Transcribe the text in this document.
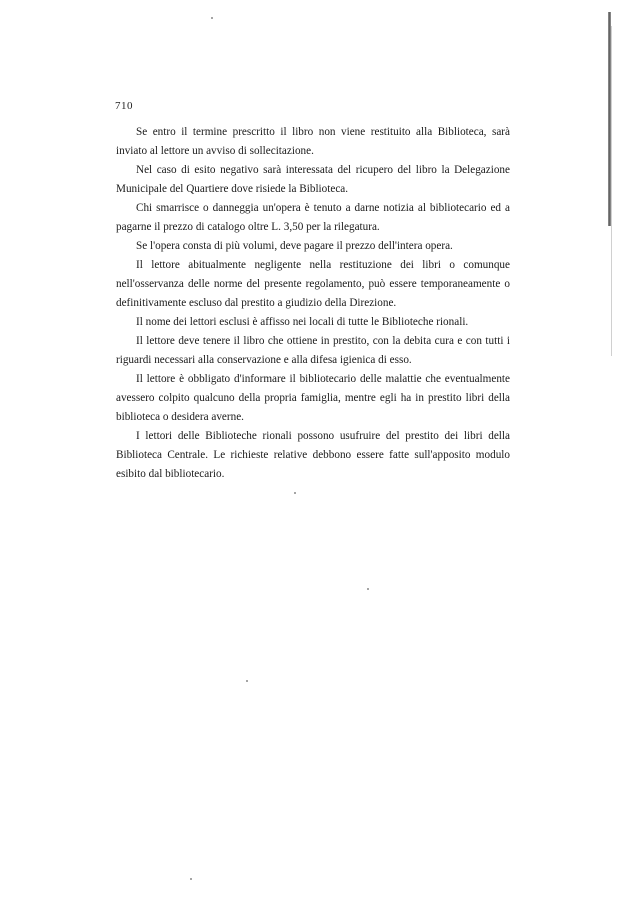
710

Se entro il termine prescritto il libro non viene restituito alla Biblioteca, sarà inviato al lettore un avviso di sollecitazione.

Nel caso di esito negativo sarà interessata del ricupero del libro la Delegazione Municipale del Quartiere dove risiede la Biblioteca.

Chi smarrisce o danneggia un'opera è tenuto a darne notizia al bibliotecario ed a pagarne il prezzo di catalogo oltre L. 3,50 per la rilegatura.

Se l'opera consta di più volumi, deve pagare il prezzo dell'intera opera.

Il lettore abitualmente negligente nella restituzione dei libri o comunque nell'osservanza delle norme del presente regolamento, può essere temporaneamente o definitivamente escluso dal prestito a giudizio della Direzione.

Il nome dei lettori esclusi è affisso nei locali di tutte le Biblioteche rionali.

Il lettore deve tenere il libro che ottiene in prestito, con la debita cura e con tutti i riguardi necessari alla conservazione e alla difesa igienica di esso.

Il lettore è obbligato d'informare il bibliotecario delle malattie che eventualmente avessero colpito qualcuno della propria famiglia, mentre egli ha in prestito libri della biblioteca o desidera averne.

I lettori delle Biblioteche rionali possono usufruire del prestito dei libri della Biblioteca Centrale. Le richieste relative debbono essere fatte sull'apposito modulo esibito dal bibliotecario.
